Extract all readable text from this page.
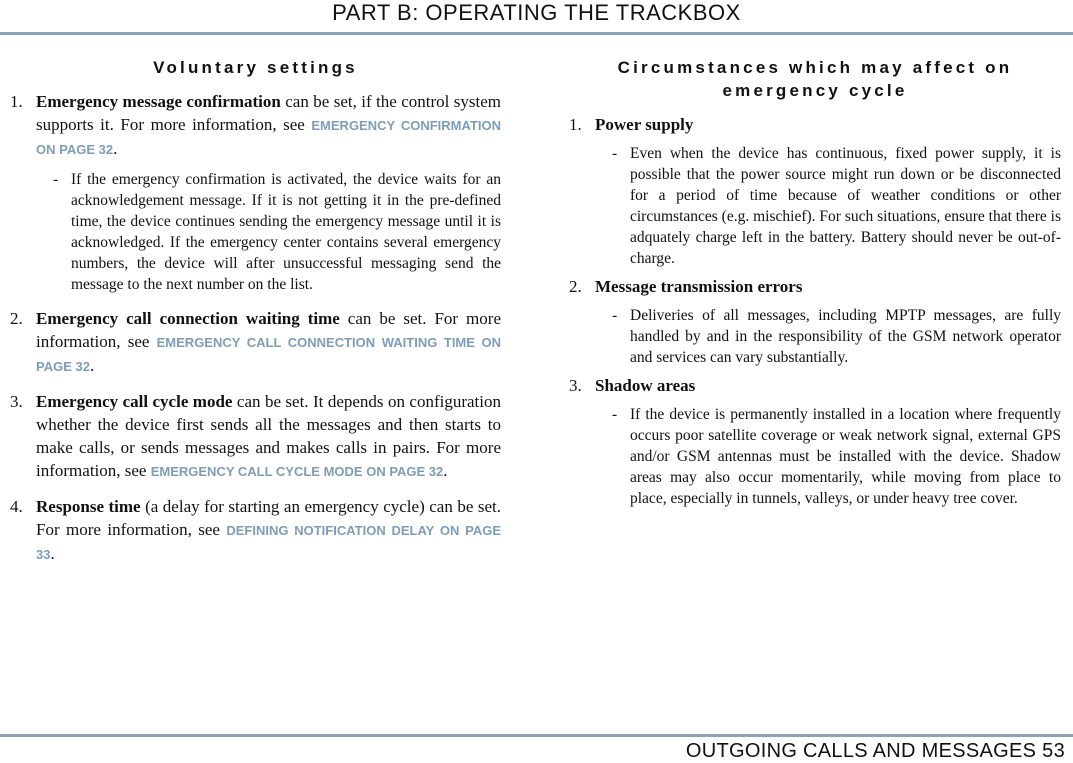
PART B: OPERATING THE TRACKBOX
Voluntary settings
1. Emergency message confirmation can be set, if the control system supports it. For more information, see EMERGENCY CONFIRMATION ON PAGE 32.
- If the emergency confirmation is activated, the device waits for an acknowledgement message. If it is not getting it in the pre-defined time, the device continues sending the emergency message until it is acknowledged. If the emergency center contains several emergency numbers, the device will after unsuccessful messaging send the message to the next number on the list.
2. Emergency call connection waiting time can be set. For more information, see EMERGENCY CALL CONNECTION WAITING TIME ON PAGE 32.
3. Emergency call cycle mode can be set. It depends on configuration whether the device first sends all the messages and then starts to make calls, or sends messages and makes calls in pairs. For more information, see EMERGENCY CALL CYCLE MODE ON PAGE 32.
4. Response time (a delay for starting an emergency cycle) can be set. For more information, see DEFINING NOTIFICATION DELAY ON PAGE 33.
Circumstances which may affect on emergency cycle
1. Power supply
- Even when the device has continuous, fixed power supply, it is possible that the power source might run down or be disconnected for a period of time because of weather conditions or other circumstances (e.g. mischief). For such situations, ensure that there is adquately charge left in the battery. Battery should never be out-of-charge.
2. Message transmission errors
- Deliveries of all messages, including MPTP messages, are fully handled by and in the responsibility of the GSM network operator and services can vary substantially.
3. Shadow areas
- If the device is permanently installed in a location where frequently occurs poor satellite coverage or weak network signal, external GPS and/or GSM antennas must be installed with the device. Shadow areas may also occur momentarily, while moving from place to place, especially in tunnels, valleys, or under heavy tree cover.
OUTGOING CALLS AND MESSAGES 53
